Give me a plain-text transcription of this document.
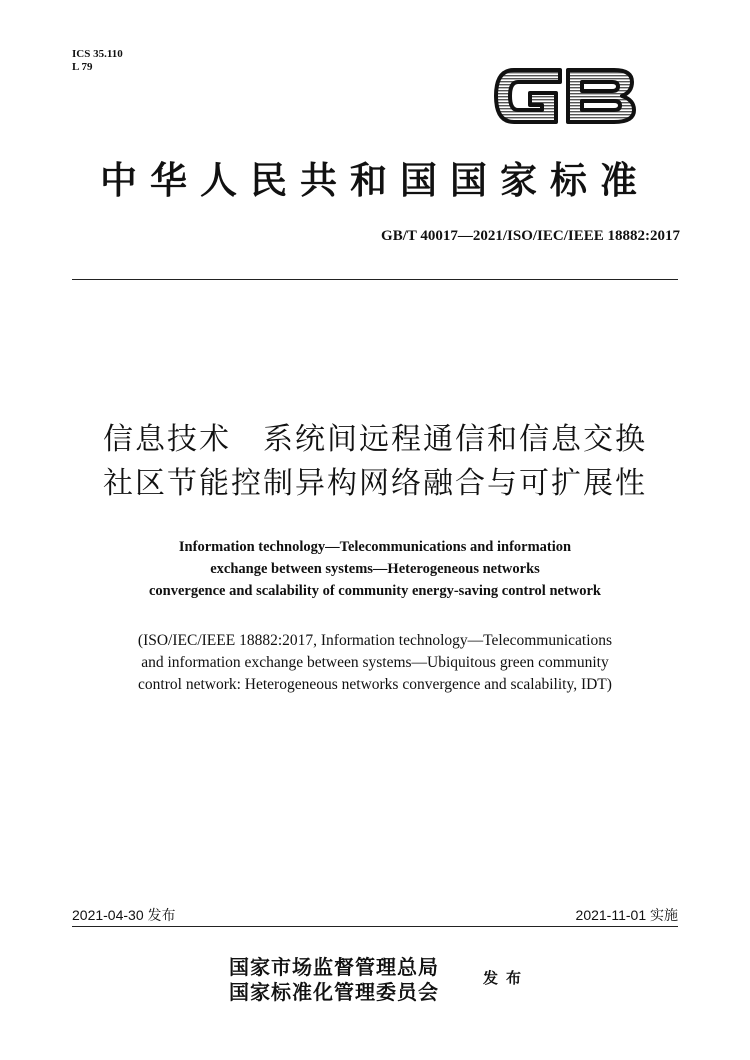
ICS 35.110
L 79
中华人民共和国国家标准
GB/T 40017—2021/ISO/IEC/IEEE 18882:2017
信息技术　系统间远程通信和信息交换
社区节能控制异构网络融合与可扩展性
Information technology—Telecommunications and information
exchange between systems—Heterogeneous networks
convergence and scalability of community energy-saving control network
(ISO/IEC/IEEE 18882:2017, Information technology—Telecommunications
and information exchange between systems—Ubiquitous green community
control network: Heterogeneous networks convergence and scalability, IDT)
2021-04-30 发布	2021-11-01 实施
国家市场监督管理总局
国家标准化管理委员会
发布
